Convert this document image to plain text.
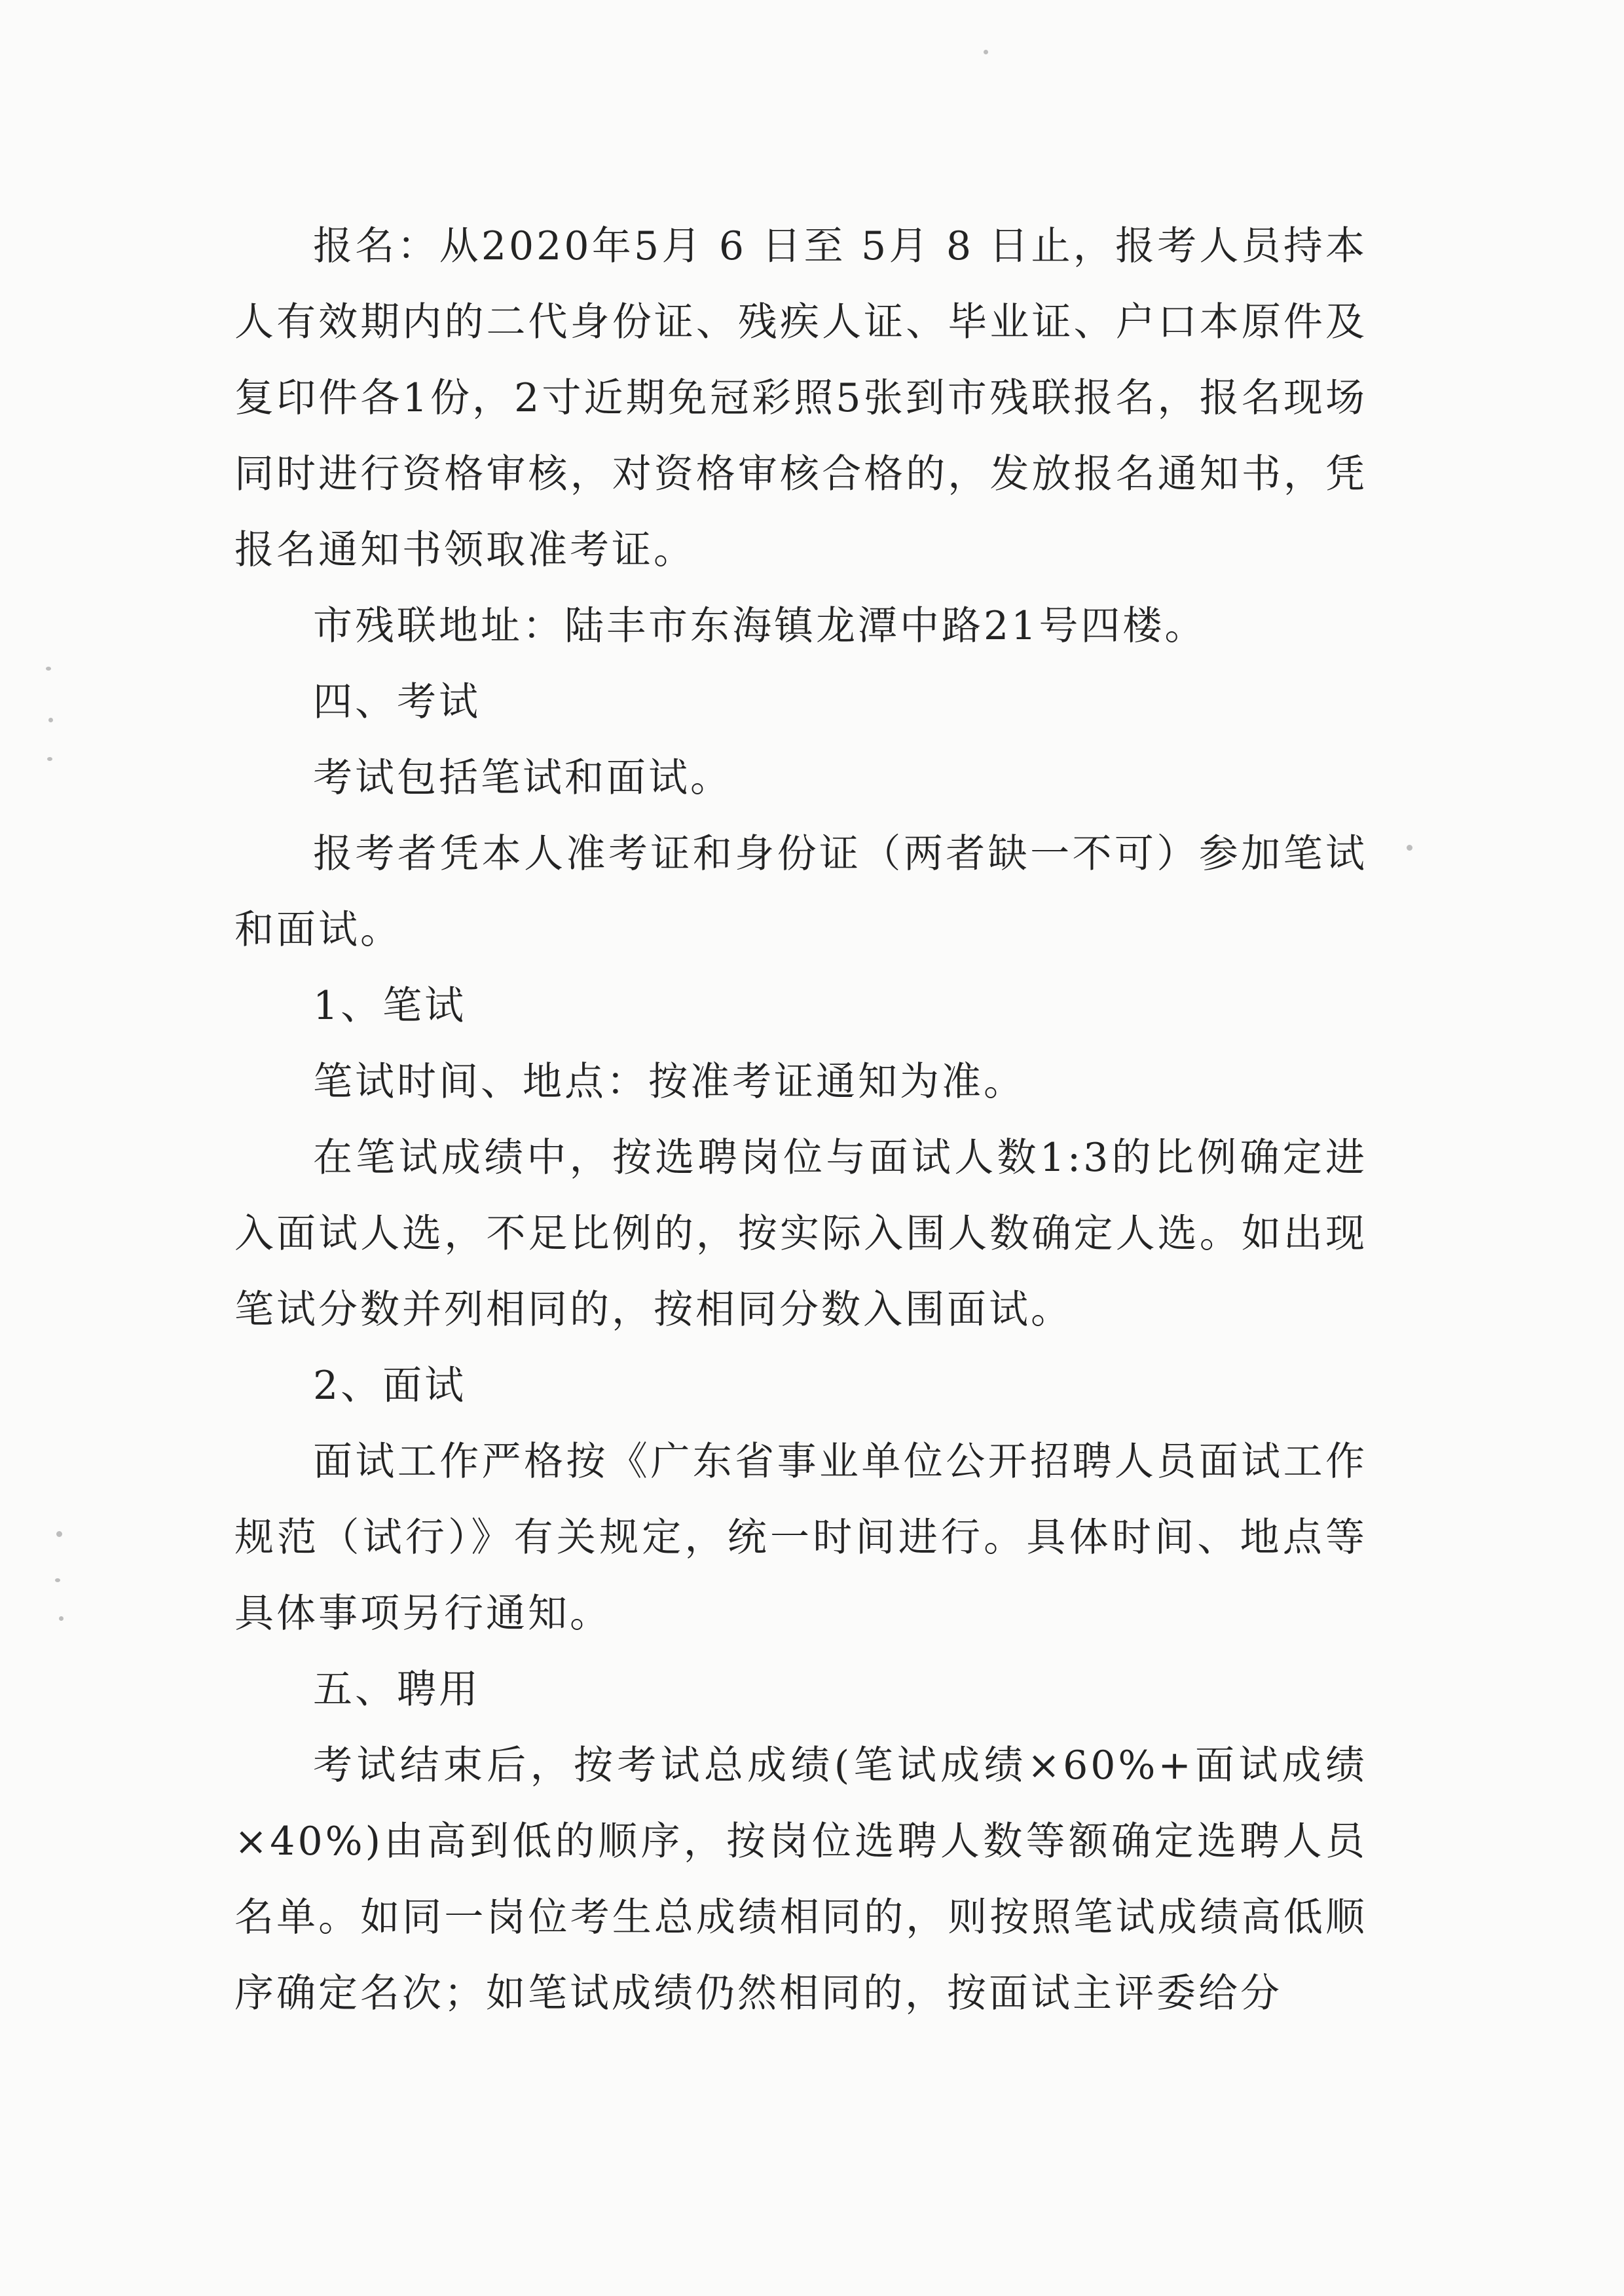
报名：从2020年5月 6 日至 5月 8 日止，报考人员持本人有效期内的二代身份证、残疾人证、毕业证、户口本原件及复印件各1份，2寸近期免冠彩照5张到市残联报名，报名现场同时进行资格审核，对资格审核合格的，发放报名通知书，凭报名通知书领取准考证。

市残联地址：陆丰市东海镇龙潭中路21号四楼。

四、考试

考试包括笔试和面试。

报考者凭本人准考证和身份证（两者缺一不可）参加笔试和面试。

1、笔试

笔试时间、地点：按准考证通知为准。

在笔试成绩中，按选聘岗位与面试人数1:3的比例确定进入面试人选，不足比例的，按实际入围人数确定人选。如出现笔试分数并列相同的，按相同分数入围面试。

2、面试

面试工作严格按《广东省事业单位公开招聘人员面试工作规范（试行）》有关规定，统一时间进行。具体时间、地点等具体事项另行通知。

五、聘用

考试结束后，按考试总成绩(笔试成绩×60%+面试成绩×40%)由高到低的顺序，按岗位选聘人数等额确定选聘人员名单。如同一岗位考生总成绩相同的，则按照笔试成绩高低顺序确定名次；如笔试成绩仍然相同的，按面试主评委给分
